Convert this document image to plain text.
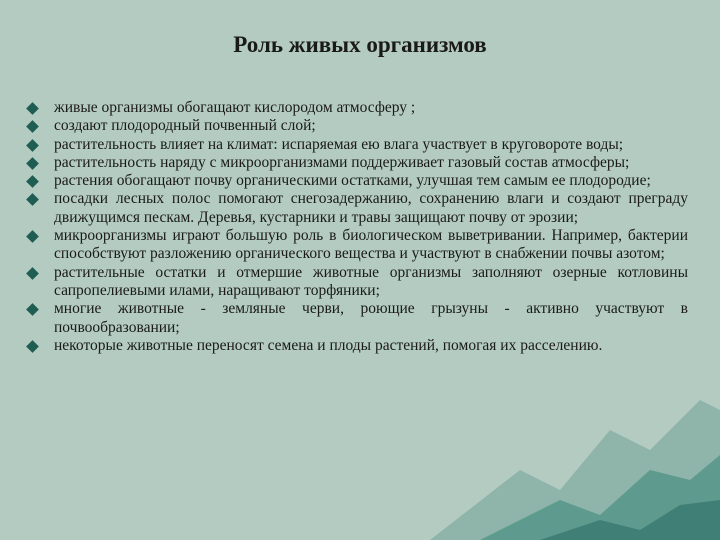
Роль живых организмов
живые организмы обогащают кислородом атмосферу ;
создают плодородный почвенный слой;
растительность влияет на климат: испаряемая ею влага участвует в круговороте воды;
растительность наряду с микроорганизмами поддерживает газовый состав атмосферы;
растения обогащают почву органическими остатками, улучшая тем самым ее плодородие;
посадки лесных полос помогают снегозадержанию, сохранению влаги и создают преграду движущимся пескам. Деревья, кустарники и травы защищают почву от эрозии;
микроорганизмы играют большую роль в биологическом выветривании. Например, бактерии способствуют разложению органического вещества и участвуют в снабжении почвы азотом;
растительные остатки и отмершие животные организмы заполняют озерные котловины сапропелиевыми илами, наращивают торфяники;
многие животные - земляные черви, роющие грызуны - активно участвуют в почвообразовании;
некоторые животные переносят семена и плоды растений, помогая их расселению.
